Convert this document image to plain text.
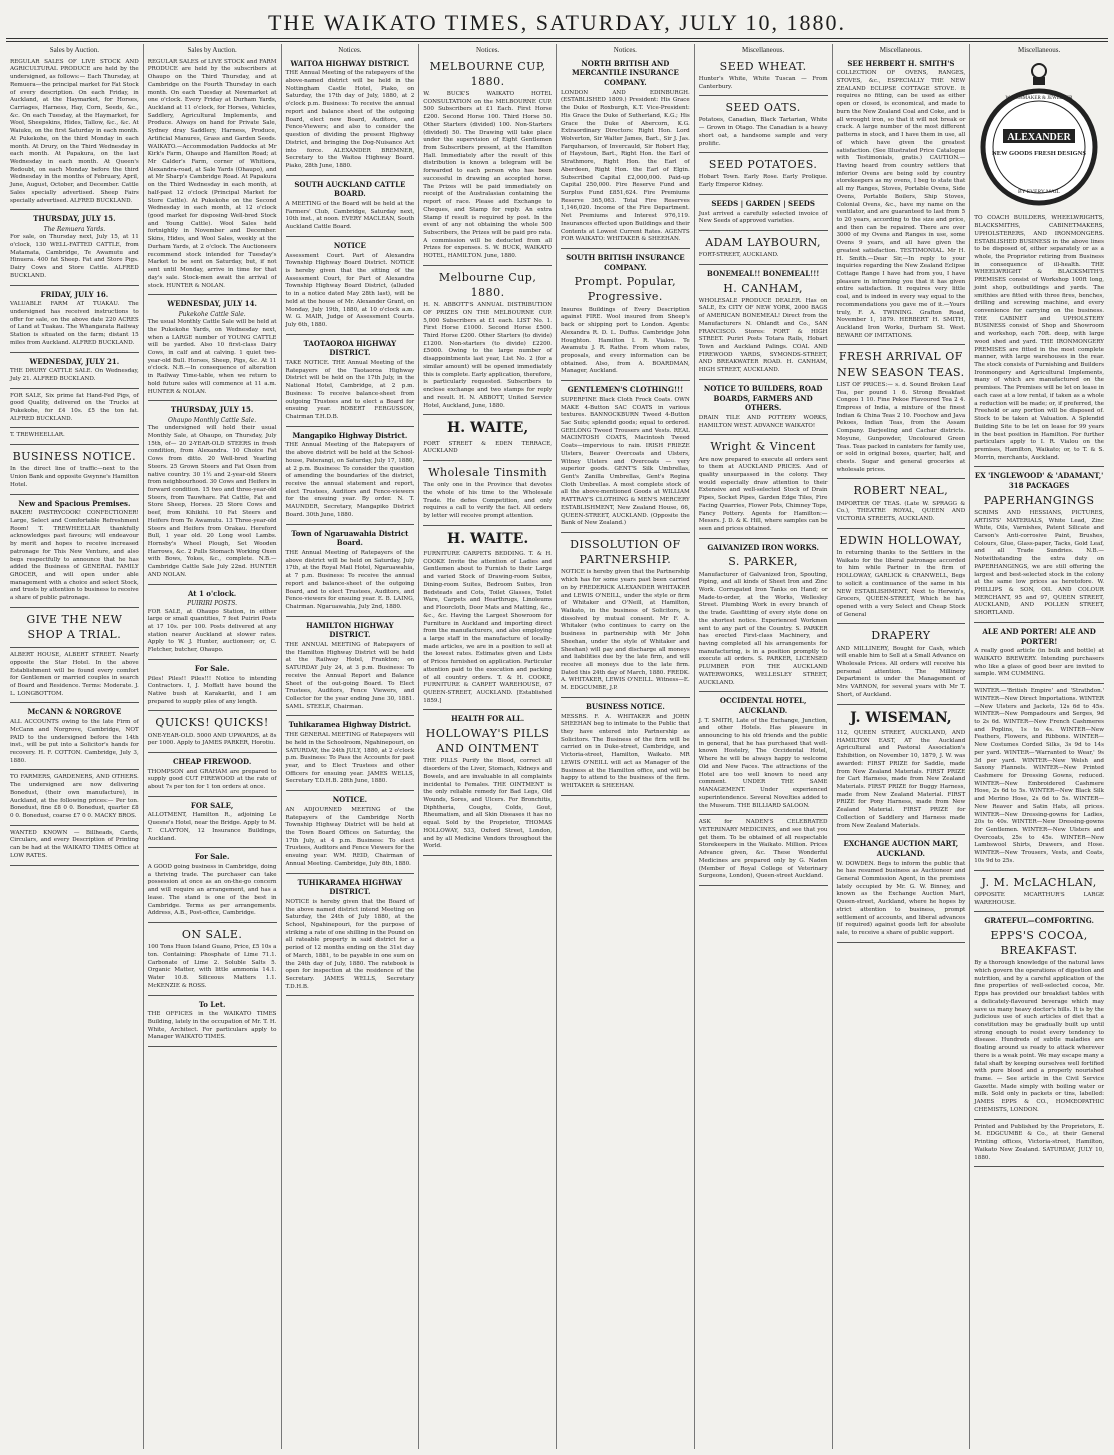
THE WAIKATO TIMES, SATURDAY, JULY 10, 1880.
Sales by Auction.

REGULAR SALES OF LIVE STOCK AND AGRICULTURAL PRODUCE are held by the undersigned, as follows:— Each Thursday, at Remuera—the principal market for Fat Stock of every description. On each Friday, in Auckland, at the Haymarket, for Horses, Carriages, Harness, Hay, Corn, Seeds, &c., &c. On each Tuesday, at the Haymarket, for Wool, Sheepskins, Hides, Tallow, &c., &c. At Waiuku, on the first Saturday in each month. At Pukekohe, on the third Monday in each month. At Drury, on the Third Wednesday in each month. At Papakura, on the last Wednesday in each month. At Queen's Redoubt, on each Monday before the third Wednesday in the months of February, April, June, August, October, and December. Cattle Sales specially advertised. Sheep Fairs specially advertised. ALFRED BUCKLAND.

THURSDAY, JULY 15.
The Remuera Yards.

For sale, on Thursday next, July 15, at 11 o'clock, 130 WELL-FATTED CATTLE, from Matamata, Cambridge, Te Awamutu and Hinuera. 400 fat Sheep. Fat and Store Pigs. Dairy Cows and Store Cattle. ALFRED BUCKLAND.

FRIDAY, JULY 16.

VALUABLE FARM AT TUAKAU. The undersigned has received instructions to offer for sale, on the above date 220 ACRES of Land at Tuakau. The Whangarata Railway Station is situated on the farm; distant 15 miles from Auckland. ALFRED BUCKLAND.

WEDNESDAY, JULY 21.

THE DRURY CATTLE SALE. On Wednesday, July 21. ALFRED BUCKLAND.

FOR SALE, Six prime fat Hand-Fed Pigs, of good Quality, delivered on the Trucks at Pukekohe, for £4 10s. £5 the ton fat. ALFRED BUCKLAND.

T. TREWHEELLAR.

BUSINESS NOTICE.

In the direct line of traffic—next to the Union Bank and opposite Gwynne's Hamilton Hotel.

New and Spacious Premises.

BAKER! PASTRYCOOK! CONFECTIONER! Large, Select and Comfortable Refreshment Room! T. TREWHEELLAR thankfully acknowledges past favours; will endeavour by merit and hopes to receive increased patronage for This New Venture, and also begs respectfully to announce that he has added the Business of GENERAL FAMILY GROCER, and will open under able management with a choice and select Stock, and trusts by attention to business to receive a share of public patronage.

GIVE THE NEW SHOP A TRIAL.

ALBERT HOUSE, ALBERT STREET. Nearly opposite the Star Hotel. In the above Establishment will be found every comfort for Gentlemen or married couples in search of Board and Residence. Terms: Moderate. J. L. LONGBOTTOM.

McCANN & NORGROVE

ALL ACCOUNTS owing to the late Firm of McCann and Norgrove, Cambridge, NOT PAID to the undersigned before the 14th inst., will be put into a Solicitor's hands for recovery. H. F. COTTON. Cambridge, July 3, 1880.

TO FARMERS, GARDENERS, AND OTHERS. The undersigned are now delivering Bonedust, (their own manufacture), in Auckland, at the following prices:— Per ton. Bonedust, fine £8 0 0. Bonedust, quarter £8 0 0. Bonedust, coarse £7 0 0. MACKY BROS.

WANTED KNOWN — Billheads, Cards, Circulars, and every Description of Printing can be had at the WAIKATO TIMES Office at LOW RATES.

Sales by Auction.

REGULAR SALES of LIVE STOCK and FARM PRODUCE are held by the subscribers at Ohaupo on the Third Thursday, and at Cambridge on the Fourth Thursday in each month. On each Tuesday at Newmarket at one o'clock. Every Friday at Durham Yards, Auckland at 11 o'clock, for Horses, Vehicles, Saddlery, Agricultural Implements, and Produce. Always on hand for Private Sale, Sydney dray Saddlery, Harness, Produce, Artificial Manures, Grass and Garden Seeds. WAIKATO.—Accommodation Paddocks at Mr Kirk's Farm, Ohaupo and Hamilton Road; at Mr Calder's Farm, corner of Whitiora, Alexandra-road, at Sale Yards (Ohaupo), and at Mr Sharp's Cambridge Road. At Papakura on the Third Wednesday in each month, at half-past 12 o'clock (Principal Market for Store Cattle). At Pukekohe on the Second Wednesday in each month, at 12 o'clock (good market for disposing Well-bred Stock and Young Cattle). Wool Sales held fortnightly in November and December. Skins, Hides, and Wool Sales, weekly at the Durham Yards, at 2 o'clock. The Auctioneers recommend stock intended for Tuesday's Market to be sent on Saturday, but, if not sent until Monday, arrive in time for that day's sale. Stock-men await the arrival of stock. HUNTER & NOLAN.

WEDNESDAY, JULY 14.
Pukekohe Cattle Sale.

The usual Monthly Cattle Sale will be held at the Pukekohe Yards, on Wednesday next, when a LARGE number of YOUNG CATTLE will be yarded. Also 10 first-class Dairy Cows, in calf and at calving. 1 quiet two-year-old Bull. Horses, Sheep, Pigs, &c. At 11 o'clock. N.B.—In consequence of alteration in Railway Time-table, when we return to hold future sales will commence at 11 a.m. HUNTER & NOLAN.

THURSDAY, JULY 15.
Ohaupo Monthly Cattle Sale.

The undersigned will hold their usual Monthly Sale, at Ohaupo, on Thursday, July 15th, of— 20 2-YEAR-OLD STEERS in fresh condition, from Alexandra. 10 Choice Fat Cows from ditto. 20 Well-bred Yearling Steers. 25 Grown Steers and Fat Oxen from native country. 30 1½ and 2-year-old Steers from neighbourhood. 30 Cows and Heifers in forward condition. 15 two and three-year-old Steers, from Tauwhare. Fat Cattle, Fat and Store Sheep, Horses. 25 Store Cows and beef, from Kihikihi. 10 Fat Steers and Heifers from Te Awamutu. 13 Three-year-old Steers and Heifers from Orakau. Hereford Bull, 1 year old. 20 Long wool Lambs. Hornsby's Wheel Plough, Set Wooden Harrows, &c. 2 Pulls Stomach Working Oxen with Bows, Yokes, &c., complete. N.B.—Cambridge Cattle Sale July 22nd. HUNTER AND NOLAN.

At 1 o'clock.
PUIRIRI POSTS.

FOR SALE, at Ohaupo Station, in either large or small quantities, 7 feet Puiriri Posts at 17 10s. per 100. Posts delivered at any station nearer Auckland at slower rates. Apply to W. J. Hunter, auctioneer; or, C. Fletcher, butcher, Ohaupo.

For Sale.

Piles! Piles!! Piles!!! Notice to intending Contractors. I, J. Moffatt have bound the Native bush at Karakariki, and I am prepared to supply piles of any length.

QUICKS! QUICKS!

ONE-YEAR-OLD. 5000 AND UPWARDS, at 8s per 1000. Apply to JAMES PARKER, Horotiu.

CHEAP FIREWOOD.

THOMPSON and GRAHAM are prepared to supply good CUT FIREWOOD at the rate of about 7s per ton for 1 ton orders at once.

FOR SALE,

ALLOTMENT, Hamilton R., adjoining Le Quesne's Hotel, near the Bridge. Apply to M. T. CLAYTON, 12 Insurance Buildings, Auckland.

For Sale.

A GOOD going business in Cambridge, doing a thriving trade. The purchaser can take possession at once as an on-the-go concern and will require an arrangement, and has a lease. The stand is one of the best in Cambridge. Terms as per arrangements. Address, A.B., Post-office, Cambridge.

ON SALE.

100 Tons Huon Island Guano, Price, £5 10s a ton. Containing: Phosphate of Lime 71.1. Carbonate of Lime 2. Soluble Salts 5. Organic Matter, with little ammonia 14.1. Water 10.8. Siliceous Matters 1.1. McKENZIE & ROSS.

To Let.

THE OFFICES in the WAIKATO TIMES Building, lately in the occupation of Mr. T. H. White, Architect. For particulars apply to Manager WAIKATO TIMES.

Notices.
WAITOA HIGHWAY DISTRICT.

THE Annual Meeting of the ratepayers of the above-named district will be held in the Nottingham Castle Hotel, Piako, on Saturday, the 17th day of July, 1880, at 2 o'clock p.m. Business: To receive the annual report and balance sheet of the outgoing Board, elect new Board, Auditors, and Fence-Viewers; and also to consider the question of dividing the present Highway District, and bringing the Dog-Nuisance Act into force. ALEXANDER BREMNER, Secretary to the Waitoa Highway Board. Piako, 28th June, 1880.

SOUTH AUCKLAND CATTLE BOARD.

A MEETING of the Board will be held at the Farmers' Club, Cambridge, Saturday next, 10th inst., at noon. EVERY MACLEAN, South Auckland Cattle Board.

NOTICE

Assessment Court. Part of Alexandra Township Highway Board District. NOTICE is hereby given that the sitting of the Assessment Court, for Part of Alexandra Township Highway Board District, (alluded to in a notice dated May 28th last), will be held at the house of Mr. Alexander Grant, on Monday, July 19th, 1880, at 10 o'clock a.m. W. G. MAIR, Judge of Assessment Courts. July 6th, 1880.

TAOTAOROA HIGHWAY DISTRICT.

TAKE NOTICE. THE Annual Meeting of the Ratepayers of the Taotaoroa Highway District will be held on the 17th July, in the National Hotel, Cambridge, at 2 p.m. Business: To receive balance-sheet from outgoing Trustees and to elect a Board for ensuing year. ROBERT FERGUSSON, Chairman T.H.D.B.

Mangapiko Highway District.

THE Annual Meeting of the Ratepayers of the above district will be held at the School-house, Paterangi, on Saturday, July 17, 1880, at 2 p.m. Business: To consider the question of amending the boundaries of the district, receive the annual statement and report, elect Trustees, Auditors and Fence-viewers for the ensuing year. By order. N. T. MAUNDER, Secretary, Mangapiko District Board. 30th June, 1880.

Town of Ngaruawahia District Board.

THE Annual Meeting of Ratepayers of the above district will be held on Saturday, July 17th, at the Royal Mail Hotel, Ngaruawahia, at 7 p.m. Business: To receive the annual report and balance-sheet of the outgoing Board, and to elect Trustees, Auditors, and Fence-viewers for ensuing year. E. B. LAING, Chairman. Ngaruawahia, July 2nd, 1880.

HAMILTON HIGHWAY DISTRICT.

THE ANNUAL MEETING of Ratepayers of the Hamilton Highway District will be held at the Railway Hotel, Frankton; on SATURDAY July 24, at 3 p.m. Business: To receive the Annual Report and Balance Sheet of the out-going Board. To Elect Trustees, Auditors, Fence Viewers, and Collector for the year ending June 30, 1881. SAML. STEELE, Chairman.

Tuhikaramea Highway District.

THE GENERAL MEETING of Ratepayers will be held in the Schoolroom, Ngahinepouri, on SATURDAY, the 24th JULY, 1880, at 2 o'clock p.m. Business: To Pass the Accounts for past year, and to Elect Trustees and other Officers for ensuing year. JAMES WELLS, Secretary T.D.H.B. 28th June, 1880.

NOTICE.

AN ADJOURNED MEETING of the Ratepayers of the Cambridge North Township Highway District will be held at the Town Board Offices on Saturday, the 17th July, at 4 p.m. Business: To elect Trustees, Auditors and Fence Viewers for the ensuing year. WM. REID, Chairman of Annual Meeting. Cambridge, July 8th, 1880.

TUHIKARAMEA HIGHWAY DISTRICT.

NOTICE is hereby given that the Board of the above named district intend Meeting on Saturday, the 24th of July 1880, at the School, Ngahinepouri, for the purpose of striking a rate of one shilling in the Pound on all rateable property in said district for a period of 12 months ending on the 31st day of March, 1881, to be payable in one sum on the 24th day of July, 1880. The ratebook is open for inspection at the residence of the Secretary. JAMES WELLS, Secretary T.D.H.B.

Notices.
MELBOURNE CUP, 1880.

W. BUCK'S WAIKATO HOTEL CONSULTATION on the MELBOURNE CUP. 500 Subscribers at £1 Each. First Horse £200. Second Horse 100. Third Horse 50. Other Starters (divided) 100. Non-Starters (divided) 50. The Drawing will take place under the supervision of Eight Gentlemen from Subscribers present, at the Hamilton Hall. Immediately after the result of this distribution is known a telegram will be forwarded to each person who has been successful in drawing an accepted horse. The Prizes will be paid immediately on receipt of the Australasian containing the report of race. Please add Exchange to Cheques, and Stamp for reply. An extra Stamp if result is required by post. In the event of any not obtaining the whole 500 Subscribers, the Prizes will be paid pro rata. A commission will be deducted from all Prizes for expenses. S. W. BUCK, WAIKATO HOTEL, HAMILTON. June, 1880.

Melbourne Cup, 1880.

H. N. ABBOTT'S ANNUAL DISTRIBUTION OF PRIZES ON THE MELBOURNE CUP. 5,000 Subscribers at £1 each. LIST No. 1. First Horse £1000. Second Horse £500. Third Horse £200. Other Starters (to divide) £1200. Non-starters (to divide) £2200. £5000. Owing to the large number of disappointments last year, List No. 2 (for a similar amount) will be opened immediately this is complete. Early application, therefore, is particularly requested. Subscribers to enclose exchange and two stamps for reply and result. H. N. ABBOTT, United Service Hotel, Auckland, June, 1880.

H. WAITE,

FORT STREET & EDEN TERRACE, AUCKLAND

Wholesale Tinsmith

The only one in the Province that devotes the whole of his time to the Wholesale Trade. He defies Competition, and only requires a call to verify the fact. All orders by letter will receive prompt attention.

H. WAITE.

FURNITURE CARPETS BEDDING. T. & H. COOKE Invite the attention of Ladies and Gentlemen about to Furnish to their Large and varied Stock of Drawing-room Suites, Dining-room Suites, Bedroom Suites, Iron Bedsteads and Cots, Toilet Glasses, Toilet Ware, Carpets and Hearthrugs, Linoleums and Floorcloth, Door Mats and Matting, &c., &c., &c. Having the Largest Showroom for Furniture in Auckland and importing direct from the manufacturers, and also employing a large staff in the manufacture of locally-made articles, we are in a position to sell at the lowest rates. Estimates given and Lists of Prices furnished on application. Particular attention paid to the execution and packing of all country orders. T. & H. COOKE, FURNITURE & CARPET WAREHOUSE, 67 QUEEN-STREET, AUCKLAND. [Established 1859.]

HEALTH FOR ALL.
HOLLOWAY'S PILLS AND OINTMENT

THE PILLS Purify the Blood, correct all disorders of the Liver, Stomach, Kidneys and Bowels, and are invaluable in all complaints incidental to Females. THE OINTMENT is the only reliable remedy for Bad Legs, Old Wounds, Sores, and Ulcers. For Bronchitis, Diphtheria, Coughs, Colds, Gout, Rheumatism, and all Skin Diseases it has no equal. Sold by the Proprietor, THOMAS HOLLOWAY, 533, Oxford Street, London, and by all Medicine Vendors throughout the World.

Notices.
NORTH BRITISH AND MERCANTILE INSURANCE COMPANY.

LONDON AND EDINBURGH. (ESTABLISHED 1809.) President: His Grace the Duke of Roxburgh, K.T. Vice-President: His Grace the Duke of Sutherland, K.G.; His Grace the Duke of Abercorn, K.G. Extraordinary Directors: Right Hon. Lord Wolverton, Sir Walter James, Bart., Sir J. Jas. Farquharson, of Invercauld, Sir Robert Hay, of Haystoun, Bart., Right Hon. the Earl of Strathmore, Right Hon. the Earl of Aberdeen, Right Hon. the Earl of Elgin. Subscribed Capital £2,000,000. Paid-up Capital 250,000. Fire Reserve Fund and Surplus Fund £851,624. Fire Premiums Reserve 365,063. Total Fire Reserves 1,146,020. Income of the Fire Department. Net Premiums and Interest 976,119. Insurances effected upon Buildings and their Contents at Lowest Current Rates. AGENTS FOR WAIKATO: WHITAKER & SHEEHAN.

SOUTH BRITISH INSURANCE COMPANY.
Prompt. Popular, Progressive.

Insures Buildings of Every Description against FIRE. Wool insured from Sheep's back or shipping port to London. Agents: Alexandra R. D. L. Duffus. Cambridge John Houghton. Hamilton I. R. Vialou. Te Awamutu J. R. Rathe. From whom rates, proposals, and every information can be obtained. Also, from A. BOARDMAN, Manager, Auckland.

GENTLEMEN'S CLOTHING!!!

SUPERFINE Black Cloth Frock Coats. OWN MAKE 4-Button SAC COATS in various textures. BANNOCKBURN Tweed 4-Button Sac Suits; splendid goods; equal to ordered. GEELONG Tweed Trousers and Vests. REAL MACINTOSH COATS, Macintosh Tweed Coats—impervious to rain. IRISH FRIEZE Ulsters, Beaver Overcoats and Ulsters, Witney Ulsters and Overcoats — very superior goods. GENT'S Silk Umbrellas, Gent's Zanilla Umbrellas, Gent's Regina Cloth Umbrellas. A most complete stock of all the above-mentioned Goods at WILLIAM RATTRAY'S CLOTHING & MEN'S MERCERY ESTABLISHMENT, New Zealand House, 66, QUEEN-STREET, AUCKLAND. (Opposite the Bank of New Zealand.)

DISSOLUTION OF PARTNERSHIP.

NOTICE is hereby given that the Partnership which has for some years past been carried on by FREDERICK ALEXANDER WHITAKER and LEWIS O'NEILL, under the style or firm of Whitaker and O'Neill, at Hamilton, Waikato, in the business of Solicitors, is dissolved by mutual consent. Mr F. A. Whitaker (who continues to carry on the business in partnership with Mr John Sheehan, under the style of Whitaker and Sheehan) will pay and discharge all moneys and liabilities due by the late firm, and will receive all moneys due to the late firm. Dated this 24th day of March, 1880. FREDK. A. WHITAKER, LEWIS O'NEILL. Witness—E. M. EDGCUMBE, J.P.

BUSINESS NOTICE.

MESSRS. F. A. WHITAKER and JOHN SHEEHAN beg to intimate to the Public that they have entered into Partnership as Solicitors. The Business of the firm will be carried on in Duke-street, Cambridge, and Victoria-street, Hamilton, Waikato. MR LEWIS O'NEILL will act as Manager of the Business at the Hamilton office, and will be happy to attend to the business of the firm. WHITAKER & SHEEHAN.

Miscellaneous.
SEED WHEAT.

Hunter's White, White Tuscan — From Canterbury.

SEED OATS.

Potatoes, Canadian, Black Tartarian, White — Grown in Otago. The Canadian is a heavy short oat, a handsome sample and very prolific.

SEED POTATOES.

Hobart Town. Early Rose. Early Prolique. Early Emperor Kidney.

SEEDS | GARDEN | SEEDS

Just arrived a carefully selected invoice of New Seeds of approved varieties.

ADAM LAYBOURN,

FORT-STREET, AUCKLAND.

BONEMEAL!! BONEMEAL!!!
H. CANHAM,

WHOLESALE PRODUCE DEALER. Has on SALE, Ex CITY OF NEW YORK, 2000 BAGS of AMERICAN BONEMEAL! Direct from the Manufacturers N. Ohlandt and Co., SAN FRANCISCO. Stores: FORT & HIGH STREET. Puriri Posts Totara Rails, Hobart Town and Auckland Palings. COAL AND FIREWOOD YARDS, SYMONDS-STREET, AND BREAKWATER ROAD. H. CANHAM, HIGH STREET, AUCKLAND.

NOTICE TO BUILDERS, ROAD BOARDS, FARMERS AND OTHERS.

DRAIN TILE AND POTTERY WORKS, HAMILTON WEST. ADVANCE WAIKATO!

Wright & Vincent

Are now prepared to execute all orders sent to them at AUCKLAND PRICES. And of quality unsurpassed in the colony. They would especially draw attention to their Extensive and well-selected Stock of Drain Pipes, Socket Pipes, Garden Edge Tiles, Fire Facing Quarries, Flower Pots, Chimney Tops, Fancy Pottery. Agents for Hamilton:—Messrs. J. D. & K. Hill, where samples can be seen and prices obtained.

GALVANIZED IRON WORKS.
S. PARKER,

Manufacturer of Galvanized Iron, Spouting, Piping, and all kinds of Sheet Iron and Zinc Work. Corrugated Iron Tanks on Hand; or Made-to-order, at the Works, Wellesley Street. Plumbing Work in every branch of the trade. Gasfitting of every style done on the shortest notice. Experienced Workmen sent to any part of the Country. S. PARKER has erected First-class Machinery, and having completed all his arrangements for manufacturing, is in a position promptly to execute all orders. S. PARKER, LICENSED PLUMBER FOR THE AUCKLAND WATERWORKS, WELLESLEY STREET, AUCKLAND.

OCCIDENTAL HOTEL, AUCKLAND.

J. T. SMITH, Late of the Exchange, Junction, and other Hotels. Has pleasure in announcing to his old friends and the public in general, that he has purchased that well-known Hostelry, The Occidental Hotel, Where he will be always happy to welcome Old and New Faces. The attractions of the Hotel are too well known to need any comment. UNDER THE SAME MANAGEMENT. Under experienced superintendence. Several Novelties added to the Museum. THE BILLIARD SALOON.

ASK for NADEN'S CELEBRATED VETERINARY MEDICINES, and see that you get them. To be obtained of all respectable Storekeepers in the Waikato. Million. Prices Advance given, &c. These Wonderful Medicines are prepared only by G. Naden (Member of Royal College of Veterinary Surgeons, London), Queen-street Auckland.

Miscellaneous.
SEE HERBERT H. SMITH'S

COLLECTION OF OVENS, RANGES, STOVES, &c., ESPECIALLY THE NEW ZEALAND ECLIPSE COTTAGE STOVE. It requires no fitting, can be used as either open or closed, is economical, and made to burn the New Zealand Coal and Coke, and is all wrought iron, so that it will not break or crack. A large number of the most different patterns in stock, and I have them in use, all of which have given the greatest satisfaction. (See Illustrated Price Catalogue with Testimonials, gratis.) CAUTION.—Having heard from country settlers that inferior Ovens are being sold by country storekeepers as my ovens, I beg to state that all my Ranges, Stoves, Portable Ovens, Side Ovens, Portable Boilers, Ship Stoves, Colonial Ovens, &c., have my name on the ventilator, and are guaranteed to last from 5 to 20 years, according to the size and price, and then can be repaired. There are over 3000 of my Ovens and Ranges in use, some Ovens 9 years, and all have given the greatest satisfaction. TESTIMONIAL. Mr H. H. Smith.—Dear Sir,—In reply to your inquiries regarding the New Zealand Eclipse Cottage Range I have had from you, I have pleasure in informing you that it has given entire satisfaction. It requires very little coal, and is indeed in every way equal to the recommendations you gave me of it.—Yours truly, F. A. TWINING. Grafton Road, November 1, 1879. HERBERT H. SMITH, Auckland Iron Works, Durham St. West. BEWARE OF IMITATIONS.

FRESH ARRIVAL OF NEW SEASON TEAS.

LIST OF PRICES:— s. d. Sound Broken Leaf Tea, per pound 1 6. Strong Breakfast Congou 1 10. Fine Pekoe Flavoured Tea 2 4. Empress of India, a mixture of the finest Indian & China Teas 2 10. Foochow and Java Pekoes, Indian Teas, from the Assam Company. Darjeeling and Cachar districts. Moyune, Gunpowder, Uncoloured Green Teas. Teas packed in canisters for family use, or sold in original boxes, quarter, half, and chests. Sugar and general groceries at wholesale prices.

ROBERT NEAL,

IMPORTER OF TEAS. (Late W. SPRAGG & Co.), THEATRE ROYAL, QUEEN AND VICTORIA STREETS, AUCKLAND.

EDWIN HOLLOWAY,

In returning thanks to the Settlers in the Waikato for the liberal patronage accorded to him while Partner in the firm of HOLLOWAY, GARLICK & CRANWELL, Begs to solicit a continuance of the same in his NEW ESTABLISHMENT, Next to Herwin's, Grocers, QUEEN-STREET, Which he has opened with a very Select and Cheap Stock of General

DRAPERY

AND MILLINERY, Bought for Cash, which will enable him to Sell at a Small Advance on Wholesale Prices. All orders will receive his personal attention. The Millinery Department is under the Management of Mrs VARNON, for several years with Mr T. Short, of Auckland.

J. WISEMAN,

112, QUEEN STREET, AUCKLAND, AND HAMILTON EAST, AT the Auckland Agricultural and Pastoral Association's Exhibition, on November 10, 1879, J. W. was awarded: FIRST PRIZE for Saddle, made from New Zealand Materials. FIRST PRIZE for Cart Harness, made from New Zealand Materials. FIRST PRIZE for Buggy Harness, made from New Zealand Material. FIRST PRIZE for Pony Harness, made from New Zealand Material. FIRST PRIZE for Collection of Saddlery and Harness made from New Zealand Materials.

EXCHANGE AUCTION MART, AUCKLAND.

W. DOWDEN. Begs to inform the public that he has resumed business as Auctioneer and General Commission Agent, in the premises lately occupied by Mr. G. W. Binney, and known as the Exchange Auction Mart, Queen-street, Auckland, where he hopes by strict attention to business, prompt settlement of accounts, and liberal advances (if required) against goods left for absolute sale, to receive a share of public support.

Miscellaneous.
ALEXANDER
NEW GOODS FRESH DESIGNS
WATCHMAKER & JEWELLER
BY EVERY MAIL

TO COACH BUILDERS, WHEELWRIGHTS, BLACKSMITHS, CABINETMAKERS, UPHOLSTERERS, AND IRONMONGERS. ESTABLISHED BUSINESS in the above lines to be disposed of, either separately or as a whole, the Proprietor retiring from Business in consequence of ill-health. THE WHEELWRIGHT & BLACKSMITH'S PREMISES consist of Workshop 100ft long, joint shop, outbuildings and yards. The smithies are fitted with three fires, benches, drilling and screwing machine, and every convenience for carrying on the business. THE CABINET and UPHOLSTERY BUSINESS consist of Shop and Showroom and workshop, each 70ft. deep, with large wood shed and yard. THE IRONMONGERY PREMISES are fitted in the most complete manner, with large warehouses in the rear. The stock consists of Furnishing and Builders Ironmongery and Agricultural Implements, many of which are manufactured on the premises. The Premises will be let on lease in each case at a low rental, if taken as a whole a reduction will be made; or, if preferred, the Freehold or any portion will be disposed of. Stock to be taken at Valuation. A Splendid Building Site to be let on lease for 99 years in the best position in Hamilton. For further particulars apply to I. R. Vialou on the premises, Hamilton, Waikato; or, to T. & S. Morrin, merchants, Auckland.

EX 'INGLEWOOD' & 'ADAMANT,' 318 PACKAGES
PAPERHANGINGS

SCRIMS AND HESSIANS, PICTURES, ARTISTS' MATERIALS, White Lead, Zinc White, Oils, Varnishes, Patent Silicate and Carson's Anti-corrosive Paint, Brushes, Colours, Glue, Glass-paper, Tacks, Gold Leaf, and all Trade Sundries. N.B.—Notwithstanding the extra duty on PAPERHANGINGS, we are still offering the largest and best-selected stock in the colony at the same low prices as heretofore. W. PHILLIPS & SON, OIL AND COLOUR MERCHANT, 95 and 97, QUEEN STREET, AUCKLAND, AND POLLEN STREET, SHORTLAND.

ALE AND PORTER! ALE AND PORTER!

A really good article (in bulk and bottle) at WAIKATO BREWERY. Intending purchasers who like a glass of good beer are invited to sample. WM CUMMING.

WINTER.—'British Empire' and 'Strathdon.' WINTER—New Direct Importations. WINTER—New Ulsters and Jackets, 12s 6d to 45s. WINTER—New Pompadours and Serges, 9d to 2s 6d. WINTER—New French Cashmeres and Poplins, 1s to 4s. WINTER—New Feathers, Flowers, and Ribbons. WINTER—New Costumes Corded Silks, 3s 9d to 14s per yard. WINTER—'Warranted to Wear,' 9s 3d per yard. WINTER—New Welsh and Saxony Flannels. WINTER—New Printed Cashmere for Dressing Gowns, reduced. WINTER—New Embroidered Cashmere Hose, 2s 6d to 5s. WINTER—New Black Silk and Merino Hose, 2s 6d to 5s. WINTER—New Reaver and Satin Hats, all prices. WINTER—New Dressing-gowns for Ladies, 20s to 40s. WINTER—New Dressing-gowns for Gentlemen. WINTER—New Ulsters and Overcoats, 25s to 45s. WINTER—New Lambswool Shirts, Drawers, and Hose. WINTER—New Trousers, Vests, and Coats, 10s 9d to 25s.

J. M. McLACHLAN,

OPPOSITE MCARTHUR'S LARGE WAREHOUSE.

GRATEFUL—COMFORTING.
EPPS'S COCOA, BREAKFAST.

By a thorough knowledge of the natural laws which govern the operations of digestion and nutrition, and by a careful application of the fine properties of well-selected cocoa, Mr. Epps has provided our breakfast tables with a delicately-flavoured beverage which may save us many heavy doctor's bills. It is by the judicious use of such articles of diet that a constitution may be gradually built up until strong enough to resist every tendency to disease. Hundreds of subtle maladies are floating around us ready to attack wherever there is a weak point. We may escape many a fatal shaft by keeping ourselves well fortified with pure blood and a properly nourished frame. — See article in the Civil Service Gazette. Made simply with boiling water or milk. Sold only in packets or tins, labelled: JAMES EPPS & CO., HOMŒOPATHIC CHEMISTS, LONDON.

Printed and Published by the Proprietors, E. M. EDGCUMBE & Co., at their General Printing offices, Victoria-street, Hamilton, Waikato New Zealand. SATURDAY, JULY 10, 1880.
